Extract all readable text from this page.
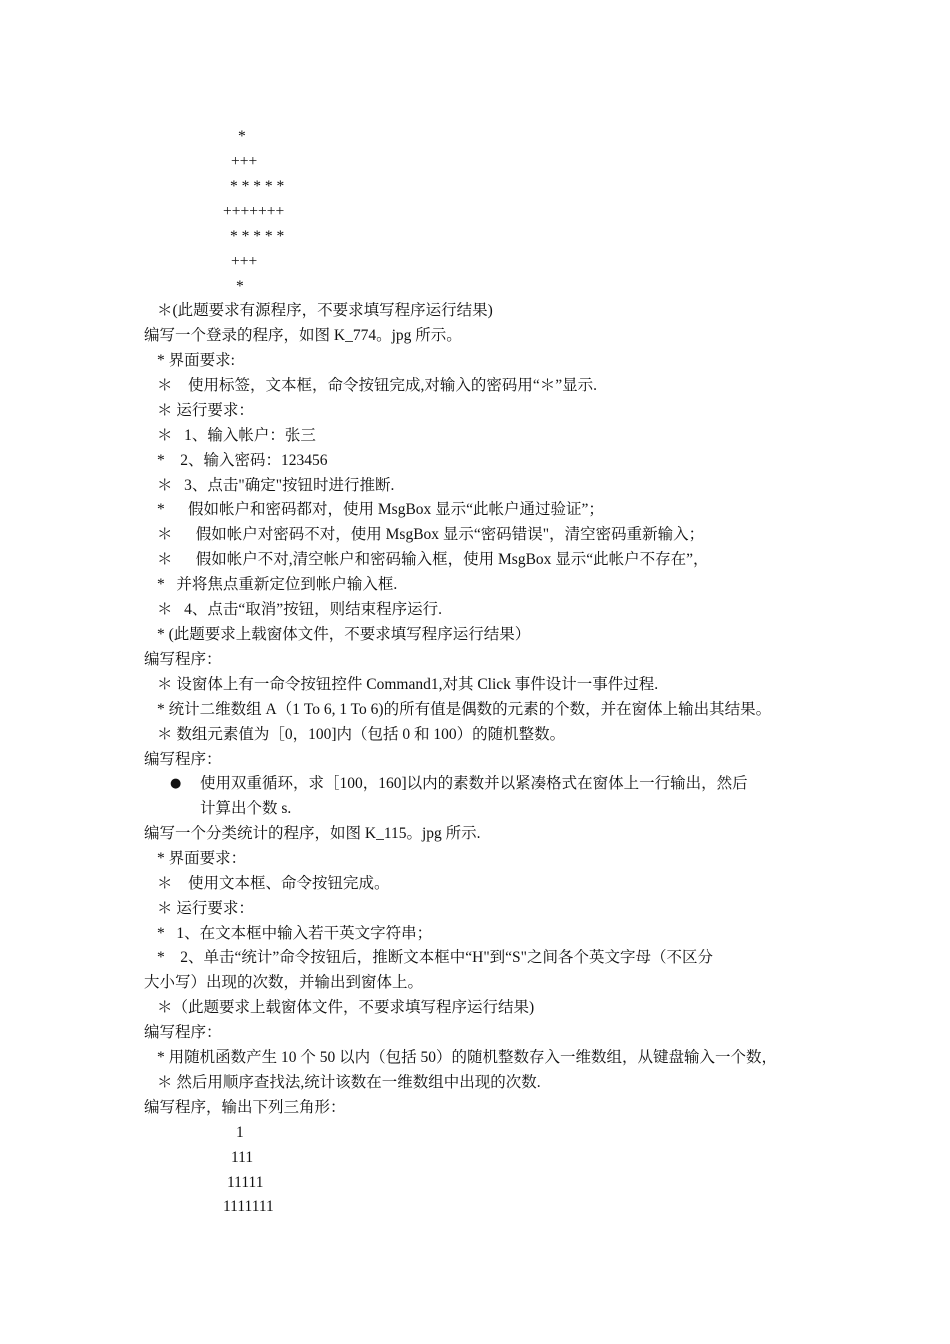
*
+++
* * * * *
+++++++
* * * * *
+++
*
＊(此题要求有源程序，不要求填写程序运行结果)
编写一个登录的程序，如图 K_774。jpg 所示。
* 界面要求:
＊    使用标签，文本框，命令按钮完成,对输入的密码用“＊”显示.
＊ 运行要求：
＊   1、输入帐户：张三
*    2、输入密码：123456
＊   3、点击"确定"按钮时进行推断.
*      假如帐户和密码都对，使用 MsgBox 显示“此帐户通过验证”；
＊      假如帐户对密码不对，使用 MsgBox 显示“密码错误"，清空密码重新输入；
＊      假如帐户不对,清空帐户和密码输入框，使用 MsgBox 显示“此帐户不存在”，
*   并将焦点重新定位到帐户输入框.
＊   4、点击“取消”按钮，则结束程序运行.
* (此题要求上载窗体文件，不要求填写程序运行结果）
编写程序：
＊ 设窗体上有一命令按钮控件 Command1,对其 Click 事件设计一事件过程.
* 统计二维数组 A（1 To 6, 1 To 6)的所有值是偶数的元素的个数，并在窗体上输出其结果。
＊ 数组元素值为［0，100]内（包括 0 和 100）的随机整数。
编写程序：
● 使用双重循环，求［100，160]以内的素数并以紧凑格式在窗体上一行输出，然后
计算出个数 s.
编写一个分类统计的程序，如图 K_115。jpg 所示.
* 界面要求：
＊    使用文本框、命令按钮完成。
＊ 运行要求：
*   1、在文本框中输入若干英文字符串；
*    2、单击“统计”命令按钮后，推断文本框中“H"到“S"之间各个英文字母（不区分
大小写）出现的次数，并输出到窗体上。
＊（此题要求上载窗体文件，不要求填写程序运行结果)
编写程序：
* 用随机函数产生 10 个 50 以内（包括 50）的随机整数存入一维数组，从键盘输入一个数，
＊ 然后用顺序查找法,统计该数在一维数组中出现的次数.
编写程序，输出下列三角形：
1
111
11111
1111111
